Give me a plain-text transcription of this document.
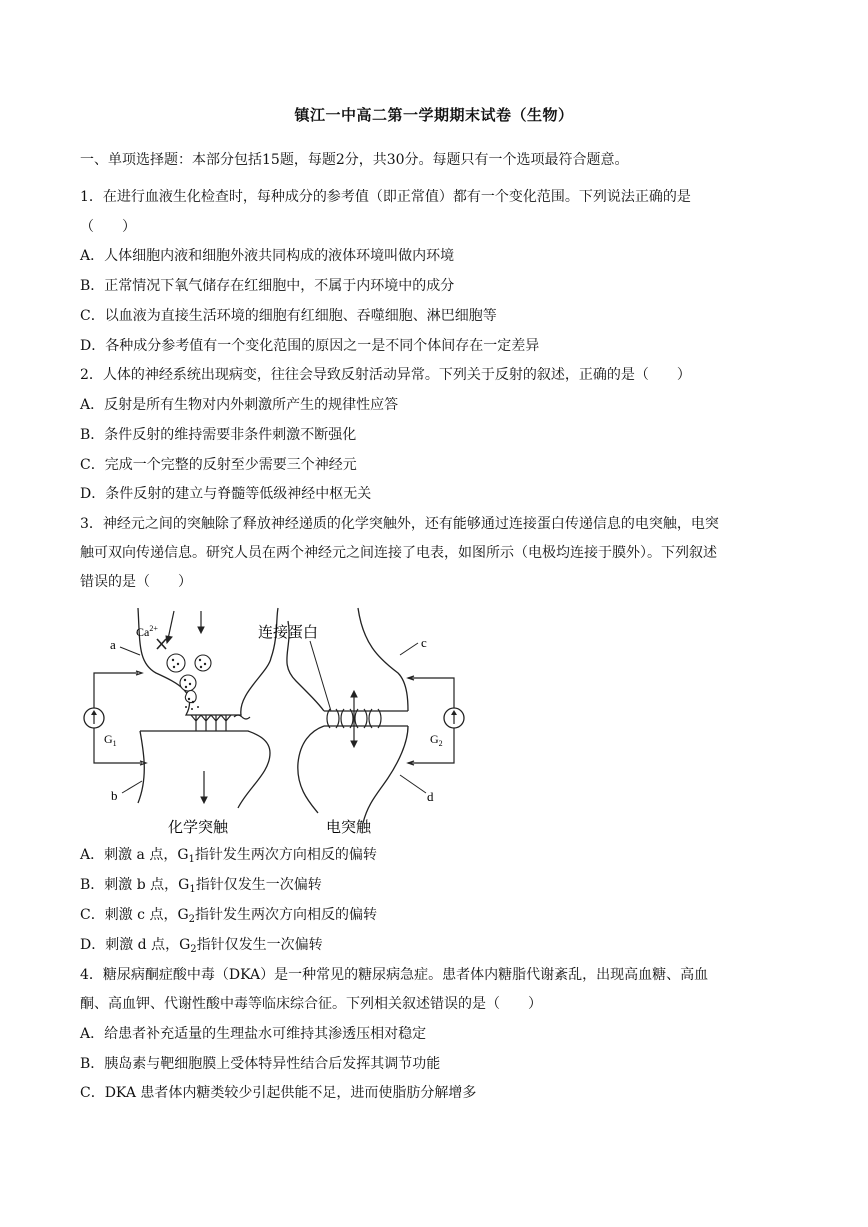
镇江一中高二第一学期期末试卷（生物）
一、单项选择题：本部分包括15题，每题2分，共30分。每题只有一个选项最符合题意。
1．在进行血液生化检查时，每种成分的参考值（即正常值）都有一个变化范围。下列说法正确的是
（　　）
A．人体细胞内液和细胞外液共同构成的液体环境叫做内环境
B．正常情况下氧气储存在红细胞中，不属于内环境中的成分
C．以血液为直接生活环境的细胞有红细胞、吞噬细胞、淋巴细胞等
D．各种成分参考值有一个变化范围的原因之一是不同个体间存在一定差异
2．人体的神经系统出现病变，往往会导致反射活动异常。下列关于反射的叙述，正确的是（　　）
A．反射是所有生物对内外刺激所产生的规律性应答
B．条件反射的维持需要非条件刺激不断强化
C．完成一个完整的反射至少需要三个神经元
D．条件反射的建立与脊髓等低级神经中枢无关
3．神经元之间的突触除了释放神经递质的化学突触外，还有能够通过连接蛋白传递信息的电突触，电突
触可双向传递信息。研究人员在两个神经元之间连接了电表，如图所示（电极均连接于膜外）。下列叙述
错误的是（　　）
a
b
c
d
$Ca^{2+}$
$G_1$	$G_2$
连接蛋白
化学突触	电突触
A．刺激 a 点，$G_1$指针发生两次方向相反的偏转
B．刺激 b 点，$G_1$指针仅发生一次偏转
C．刺激 c 点，$G_2$指针发生两次方向相反的偏转
D．刺激 d 点，$G_2$指针仅发生一次偏转
4．糖尿病酮症酸中毒（DKA）是一种常见的糖尿病急症。患者体内糖脂代谢紊乱，出现高血糖、高血
酮、高血钾、代谢性酸中毒等临床综合征。下列相关叙述错误的是（　　）
A．给患者补充适量的生理盐水可维持其渗透压相对稳定
B．胰岛素与靶细胞膜上受体特异性结合后发挥其调节功能
C．DKA 患者体内糖类较少引起供能不足，进而使脂肪分解增多
